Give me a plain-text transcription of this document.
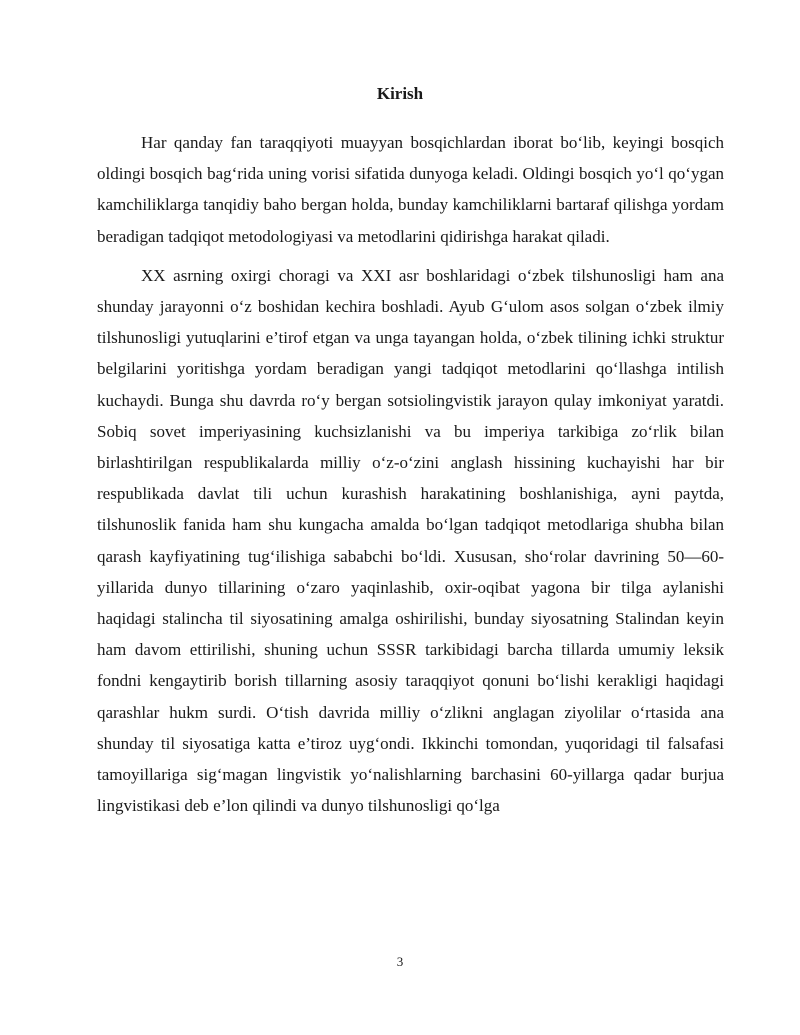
Kirish

Har qanday fan taraqqiyoti muayyan bosqichlardan iborat bo‘lib, keyingi bosqich oldingi bosqich bag‘rida uning vorisi sifatida dunyoga keladi. Oldingi bosqich yo‘l qo‘ygan kamchiliklarga tanqidiy baho bergan holda, bunday kamchiliklarni bartaraf qilishga yordam beradigan tadqiqot metodologiyasi va metodlarini qidirishga harakat qiladi.

XX asrning oxirgi choragi va XXI asr boshlaridagi o‘zbek tilshunosligi ham ana shunday jarayonni o‘z boshidan kechira boshladi. Ayub G‘ulom asos solgan o‘zbek ilmiy tilshunosligi yutuqlarini e’tirof etgan va unga tayangan holda, o‘zbek tilining ichki struktur belgilarini yoritishga yordam beradigan yangi tadqiqot metodlarini qo‘llashga intilish kuchaydi. Bunga shu davrda ro‘y bergan sotsiolingvistik jarayon qulay imkoniyat yaratdi. Sobiq sovet imperiyasining kuchsizlanishi va bu imperiya tarkibiga zo‘rlik bilan birlashtirilgan respublikalarda milliy o‘z-o‘zini anglash hissining kuchayishi har bir respublikada davlat tili uchun kurashish harakatining boshlanishiga, ayni paytda, tilshunoslik fanida ham shu kungacha amalda bo‘lgan tadqiqot metodlariga shubha bilan qarash kayfiyatining tug‘ilishiga sababchi bo‘ldi. Xususan, sho‘rolar davrining 50—60-yillarida dunyo tillarining o‘zaro yaqinlashib, oxir-oqibat yagona bir tilga aylanishi haqidagi stalincha til siyosatining amalga oshirilishi, bunday siyosatning Stalindan keyin ham davom ettirilishi, shuning uchun SSSR tarkibidagi barcha tillarda umumiy leksik fondni kengaytirib borish tillarning asosiy taraqqiyot qonuni bo‘lishi kerakligi haqidagi qarashlar hukm surdi. O‘tish davrida milliy o‘zlikni anglagan ziyolilar o‘rtasida ana shunday til siyosatiga katta e’tiroz uyg‘ondi. Ikkinchi tomondan, yuqoridagi til falsafasi tamoyillariga sig‘magan lingvistik yo‘nalishlarning barchasini 60-yillarga qadar burjua lingvistikasi deb e’lon qilindi va dunyo tilshunosligi qo‘lga

3
